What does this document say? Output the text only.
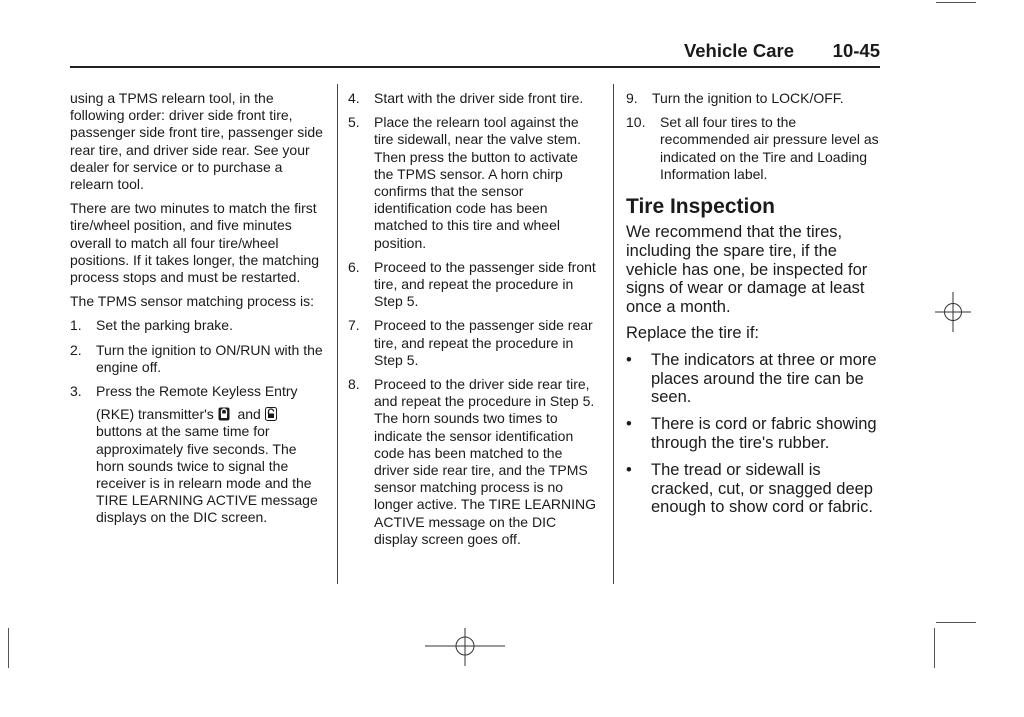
Vehicle Care 10-45

using a TPMS relearn tool, in the following order: driver side front tire, passenger side front tire, passenger side rear tire, and driver side rear. See your dealer for service or to purchase a relearn tool.

There are two minutes to match the first tire/wheel position, and five minutes overall to match all four tire/wheel positions. If it takes longer, the matching process stops and must be restarted.

The TPMS sensor matching process is:

1. Set the parking brake.
2. Turn the ignition to ON/RUN with the engine off.
3. Press the Remote Keyless Entry
(RKE) transmitter's and
buttons at the same time for approximately five seconds. The horn sounds twice to signal the receiver is in relearn mode and the TIRE LEARNING ACTIVE message displays on the DIC screen.
4. Start with the driver side front tire.
5. Place the relearn tool against the tire sidewall, near the valve stem. Then press the button to activate the TPMS sensor. A horn chirp confirms that the sensor identification code has been matched to this tire and wheel position.
6. Proceed to the passenger side front tire, and repeat the procedure in Step 5.
7. Proceed to the passenger side rear tire, and repeat the procedure in Step 5.
8. Proceed to the driver side rear tire, and repeat the procedure in Step 5. The horn sounds two times to indicate the sensor identification code has been matched to the driver side rear tire, and the TPMS sensor matching process is no longer active. The TIRE LEARNING ACTIVE message on the DIC display screen goes off.
9. Turn the ignition to LOCK/OFF.
10. Set all four tires to the recommended air pressure level as indicated on the Tire and Loading Information label.
Tire Inspection

We recommend that the tires, including the spare tire, if the vehicle has one, be inspected for signs of wear or damage at least once a month.

Replace the tire if:

• The indicators at three or more places around the tire can be seen.
• There is cord or fabric showing through the tire's rubber.
• The tread or sidewall is cracked, cut, or snagged deep enough to show cord or fabric.
